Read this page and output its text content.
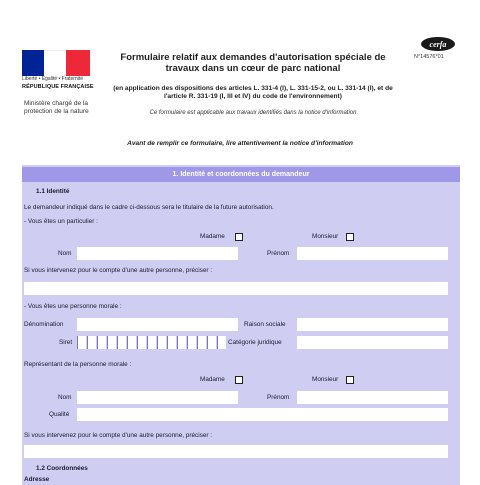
Liberté • Égalité • Fraternité
RÉPUBLIQUE FRANÇAISE
Ministère chargé de la protection de la nature
Formulaire relatif aux demandes d'autorisation spéciale de travaux dans un cœur de parc national
(en application des dispositions des articles L. 331-4 (I), L. 331-15-2, ou L. 331-14 (I), et de l'article R. 331-19 (I, III et IV) du code de l'environnement)
Ce formulaire est applicable aux travaux identifiés dans la notice d'information
cerfa
N°14576*01
Avant de remplir ce formulaire, lire attentivement la notice d'information
1. Identité et coordonnées du demandeur
1.1 Identité
Le demandeur indiqué dans le cadre ci-dessous sera le titulaire de la future autorisation.
- Vous êtes un particulier :
Madame	Monsieur
Nom	Prénom
Si vous intervenez pour le compte d'une autre personne, préciser :
- Vous êtes une personne morale :
Dénomination	Raison sociale
Siret	Catégorie juridique
Représentant de la personne morale :
Madame	Monsieur
Nom	Prénom
Qualité
Si vous intervenez pour le compte d'une autre personne, préciser :
1.2 Coordonnées
Adresse
